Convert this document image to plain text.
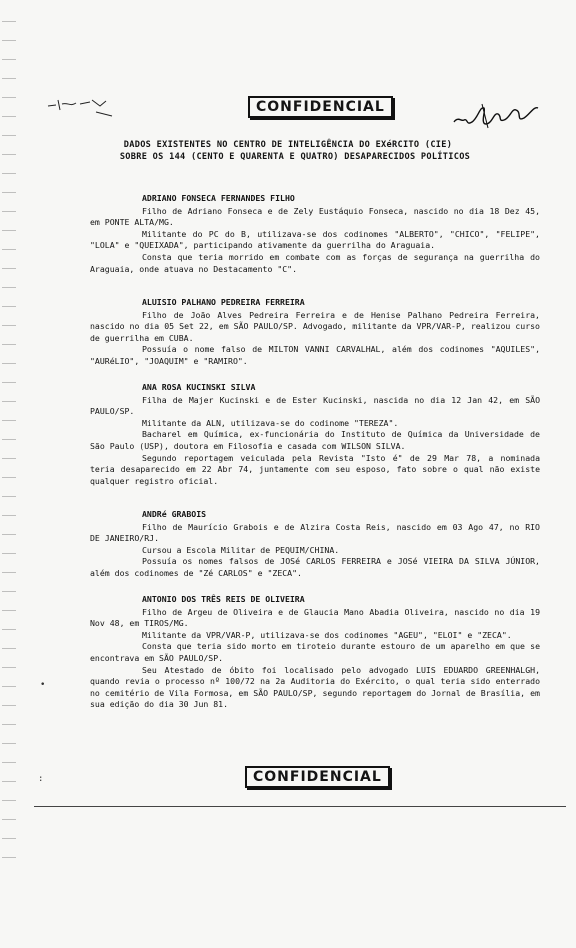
CONFIDENCIAL
DADOS EXISTENTES NO CENTRO DE INTELIGÊNCIA DO EXéRCITO (CIE)
SOBRE OS 144 (CENTO E QUARENTA E QUATRO) DESAPARECIDOS POLÍTICOS
ADRIANO FONSECA FERNANDES FILHO

Filho de Adriano Fonseca e de Zely Eustáquio Fonseca, nascido no dia 18 Dez 45, em PONTE ALTA/MG.

Militante do PC do B, utilizava-se dos codinomes "ALBERTO", "CHICO", "FELIPE", "LOLA" e "QUEIXADA", participando ativamente da guerrilha do Araguaia.

Consta que teria morrido em combate com as forças de segurança na guerrilha do Araguaia, onde atuava no Destacamento "C".

ALUISIO PALHANO PEDREIRA FERREIRA

Filho de João Alves Pedreira Ferreira e de Henise Palhano Pedreira Ferreira, nascido no dia 05 Set 22, em SÃO PAULO/SP. Advogado, militante da VPR/VAR-P, realizou curso de guerrilha em CUBA.

Possuía o nome falso de MILTON VANNI CARVALHAL, além dos codinomes "AQUILES", "AURéLIO", "JOAQUIM" e "RAMIRO".

ANA ROSA KUCINSKI SILVA

Filha de Majer Kucinski e de Ester Kucinski, nascida no dia 12 Jan 42, em SÃO PAULO/SP.

Militante da ALN, utilizava-se do codinome "TEREZA".

Bacharel em Química, ex-funcionária do Instituto de Química da Universidade de São Paulo (USP), doutora em Filosofia e casada com WILSON SILVA.

Segundo reportagem veiculada pela Revista "Isto é" de 29 Mar 78, a nominada teria desaparecido em 22 Abr 74, juntamente com seu esposo, fato sobre o qual não existe qualquer registro oficial.

ANDRé GRABOIS

Filho de Maurício Grabois e de Alzira Costa Reis, nascido em 03 Ago 47, no RIO DE JANEIRO/RJ.

Cursou a Escola Militar de PEQUIM/CHINA.

Possuía os nomes falsos de JOSé CARLOS FERREIRA e JOSé VIEIRA DA SILVA JÚNIOR, além dos codinomes de "Zé CARLOS" e "ZECA".

ANTONIO DOS TRÊS REIS DE OLIVEIRA

Filho de Argeu de Oliveira e de Glaucia Mano Abadia Oliveira, nascido no dia 19 Nov 48, em TIROS/MG.

Militante da VPR/VAR-P, utilizava-se dos codinomes "AGEU", "ELOI" e "ZECA".

Consta que teria sido morto em tiroteio durante estouro de um aparelho em que se encontrava em SÃO PAULO/SP.

Seu Atestado de óbito foi localisado pelo advogado LUIS EDUARDO GREENHALGH, quando revia o processo nº 100/72 na 2a Auditoria do Exército, o qual teria sido enterrado no cemitério de Vila Formosa, em SÃO PAULO/SP, segundo reportagem do Jornal de Brasília, em sua edição do dia 30 Jun 81.

•
:	CONFIDENCIAL
